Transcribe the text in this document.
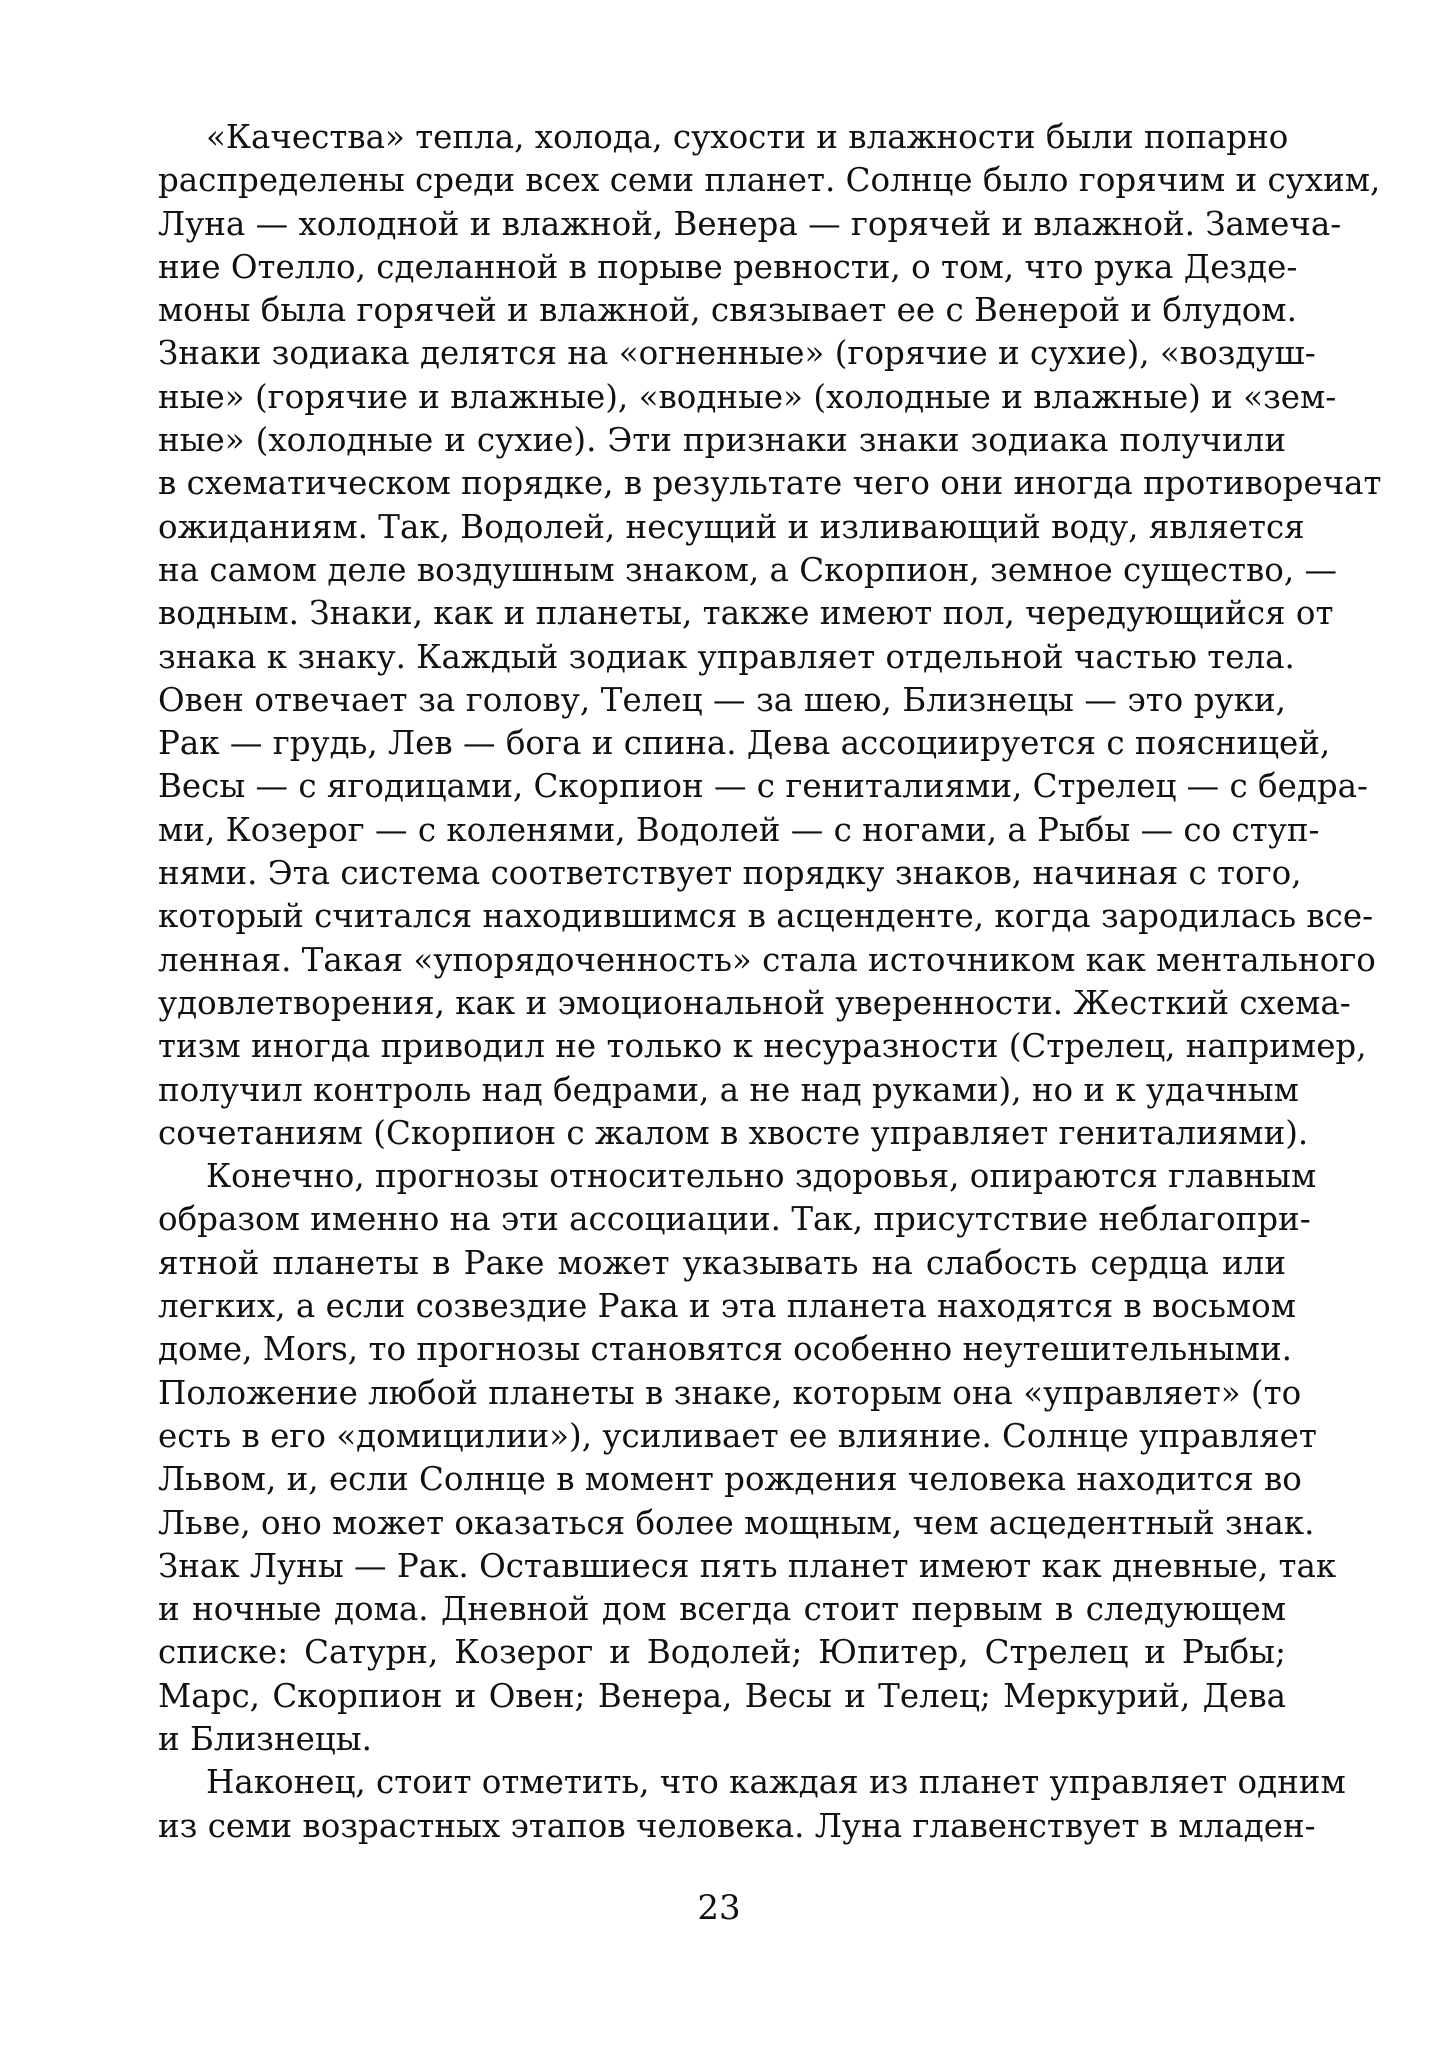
«Качества» тепла, холода, сухости и влажности были попарно
распределены среди всех семи планет. Солнце было горячим и сухим,
Луна — холодной и влажной, Венера — горячей и влажной. Замеча-
ние Отелло, сделанной в порыве ревности, о том, что рука Дезде-
моны была горячей и влажной, связывает ее с Венерой и блудом.
Знаки зодиака делятся на «огненные» (горячие и сухие), «воздуш-
ные» (горячие и влажные), «водные» (холодные и влажные) и «зем-
ные» (холодные и сухие). Эти признаки знаки зодиака получили
в схематическом порядке, в результате чего они иногда противоречат
ожиданиям. Так, Водолей, несущий и изливающий воду, является
на самом деле воздушным знаком, а Скорпион, земное существо, —
водным. Знаки, как и планеты, также имеют пол, чередующийся от
знака к знаку. Каждый зодиак управляет отдельной частью тела.
Овен отвечает за голову, Телец — за шею, Близнецы — это руки,
Рак — грудь, Лев — бога и спина. Дева ассоциируется с поясницей,
Весы — с ягодицами, Скорпион — с гениталиями, Стрелец — с бедра-
ми, Козерог — с коленями, Водолей — с ногами, а Рыбы — со ступ-
нями. Эта система соответствует порядку знаков, начиная с того,
который считался находившимся в асценденте, когда зародилась все-
ленная. Такая «упорядоченность» стала источником как ментального
удовлетворения, как и эмоциональной уверенности. Жесткий схема-
тизм иногда приводил не только к несуразности (Стрелец, например,
получил контроль над бедрами, а не над руками), но и к удачным
сочетаниям (Скорпион с жалом в хвосте управляет гениталиями).
Конечно, прогнозы относительно здоровья, опираются главным
образом именно на эти ассоциации. Так, присутствие неблагопри-
ятной планеты в Раке может указывать на слабость сердца или
легких, а если созвездие Рака и эта планета находятся в восьмом
доме, Mors, то прогнозы становятся особенно неутешительными.
Положение любой планеты в знаке, которым она «управляет» (то
есть в его «домицилии»), усиливает ее влияние. Солнце управляет
Львом, и, если Солнце в момент рождения человека находится во
Льве, оно может оказаться более мощным, чем асцедентный знак.
Знак Луны — Рак. Оставшиеся пять планет имеют как дневные, так
и ночные дома. Дневной дом всегда стоит первым в следующем
списке: Сатурн, Козерог и Водолей; Юпитер, Стрелец и Рыбы;
Марс, Скорпион и Овен; Венера, Весы и Телец; Меркурий, Дева
и Близнецы.
Наконец, стоит отметить, что каждая из планет управляет одним
из семи возрастных этапов человека. Луна главенствует в младен-
23
